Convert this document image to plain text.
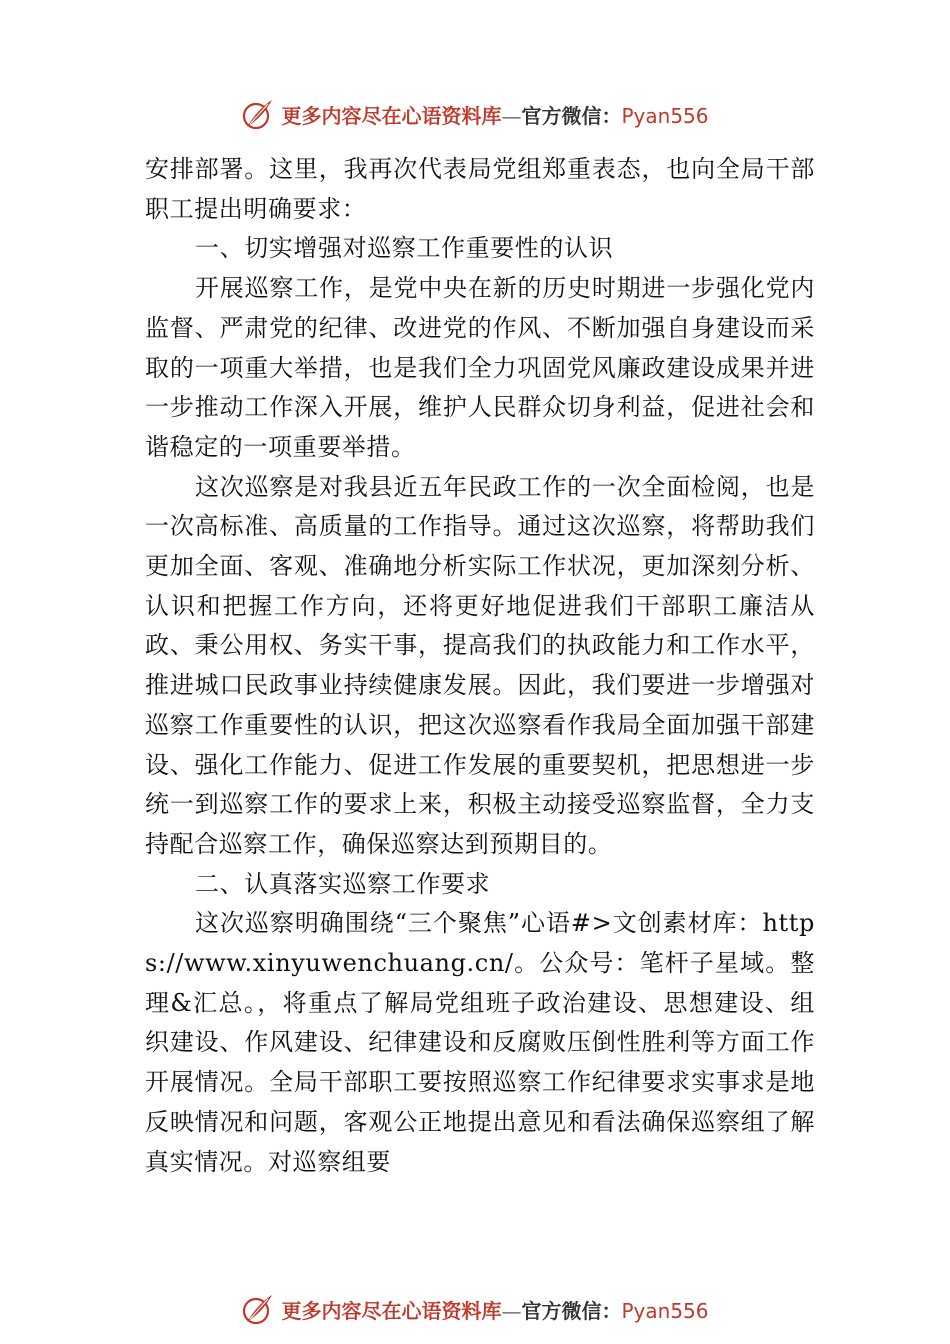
更多内容尽在心语资料库—官方微信：Pyan556

安排部署。这里，我再次代表局党组郑重表态，也向全局干部职工提出明确要求：

一、切实增强对巡察工作重要性的认识

开展巡察工作，是党中央在新的历史时期进一步强化党内监督、严肃党的纪律、改进党的作风、不断加强自身建设而采取的一项重大举措，也是我们全力巩固党风廉政建设成果并进一步推动工作深入开展，维护人民群众切身利益，促进社会和谐稳定的一项重要举措。

这次巡察是对我县近五年民政工作的一次全面检阅，也是一次高标准、高质量的工作指导。通过这次巡察，将帮助我们更加全面、客观、准确地分析实际工作状况，更加深刻分析、认识和把握工作方向，还将更好地促进我们干部职工廉洁从政、秉公用权、务实干事，提高我们的执政能力和工作水平，推进城口民政事业持续健康发展。因此，我们要进一步增强对巡察工作重要性的认识，把这次巡察看作我局全面加强干部建设、强化工作能力、促进工作发展的重要契机，把思想进一步统一到巡察工作的要求上来，积极主动接受巡察监督，全力支持配合巡察工作，确保巡察达到预期目的。

二、认真落实巡察工作要求

这次巡察明确围绕“三个聚焦”心语#>文创素材库：https://www.xinyuwenchuang.cn/。公众号：笔杆子星域。整理&汇总。，将重点了解局党组班子政治建设、思想建设、组织建设、作风建设、纪律建设和反腐败压倒性胜利等方面工作开展情况。全局干部职工要按照巡察工作纪律要求实事求是地反映情况和问题，客观公正地提出意见和看法确保巡察组了解真实情况。对巡察组要

更多内容尽在心语资料库—官方微信：Pyan556
